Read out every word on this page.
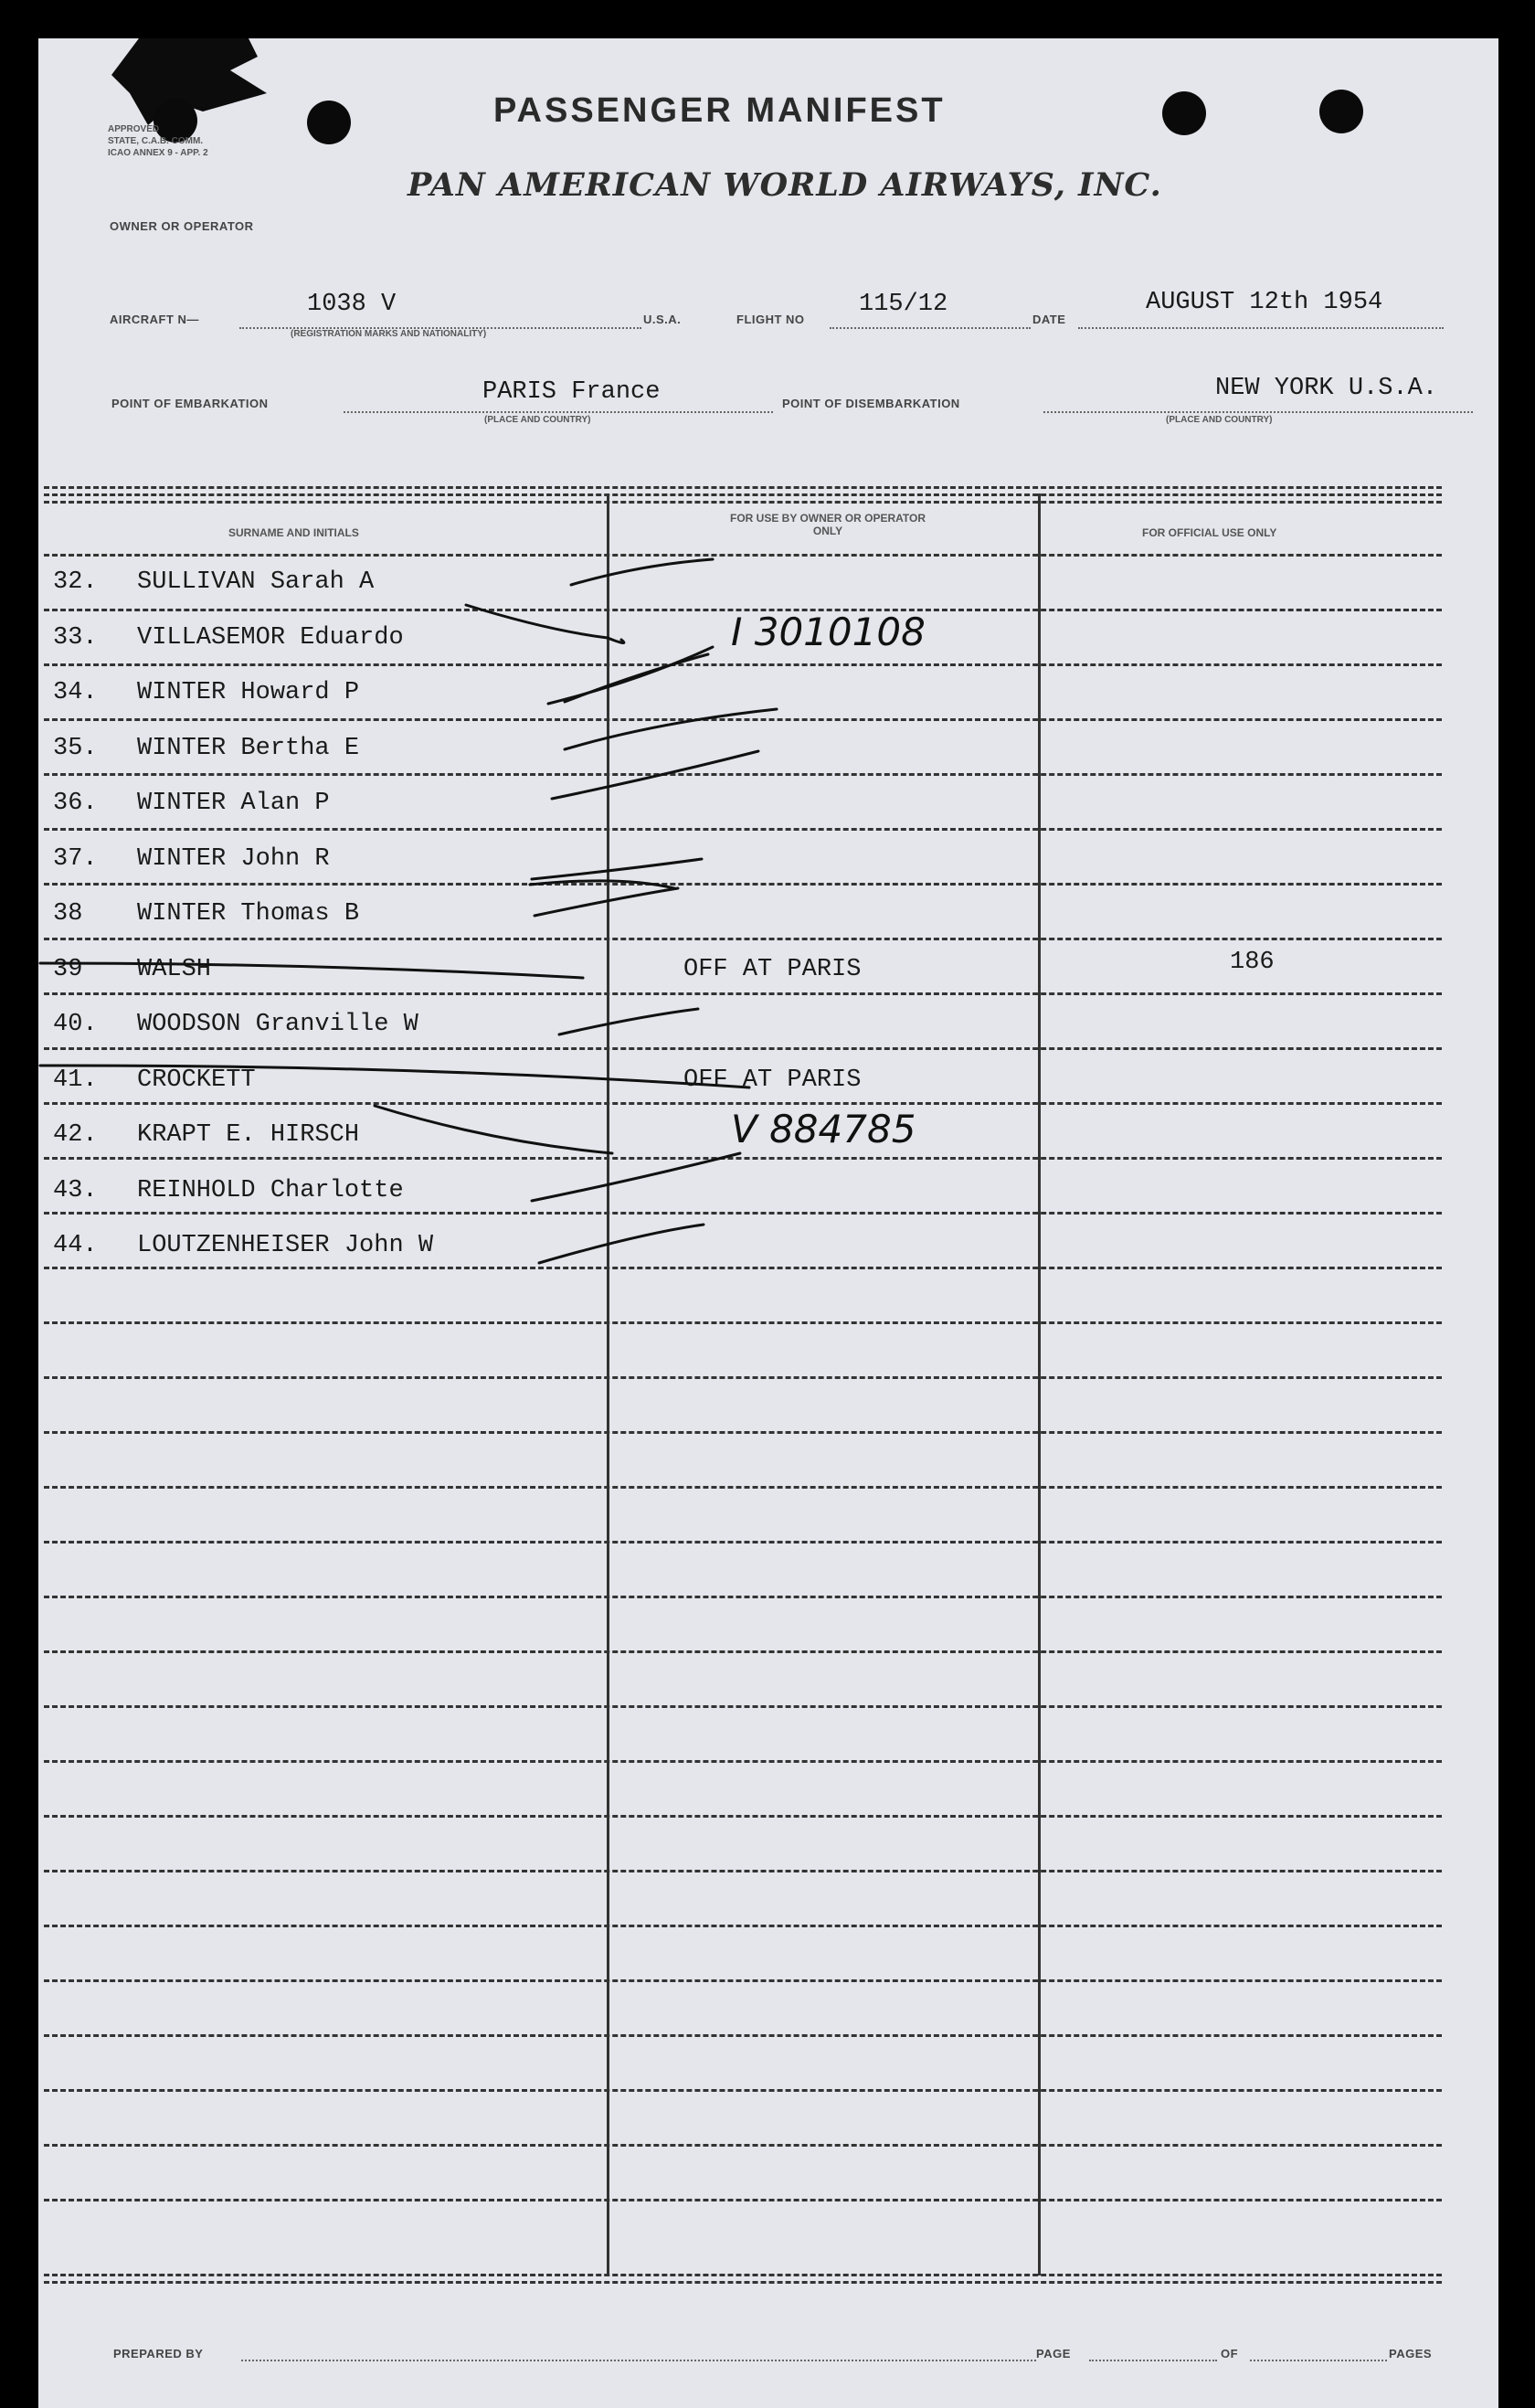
APPROVED
STATE, C.A.B. COMM.
ICAO ANNEX 9 - APP. 2
PASSENGER MANIFEST
OWNER OR OPERATOR
PAN AMERICAN WORLD AIRWAYS, INC.
AIRCRAFT N—
1038 V
(REGISTRATION MARKS AND NATIONALITY)
U.S.A.	FLIGHT NO
115/12
DATE
AUGUST 12th 1954
POINT OF EMBARKATION	PARIS France
(PLACE AND COUNTRY)
POINT OF DISEMBARKATION
NEW YORK U.S.A.
(PLACE AND COUNTRY)
SURNAME AND INITIALS
FOR USE BY OWNER OR OPERATOR ONLY	FOR OFFICIAL USE ONLY
32. SULLIVAN Sarah A
33. VILLASEMOR Eduardo	I 3010108
34. WINTER Howard P
35. WINTER Bertha E
36. WINTER Alan P
37. WINTER John R
38 WINTER Thomas B
39 WALSH	OFF AT PARIS	186
40. WOODSON Granville W
41. CROCKETT	OFF AT PARIS
42. KRAPT E. HIRSCH	V 884785
43. REINHOLD Charlotte
44. LOUTZENHEISER John W
PREPARED BY	PAGE	OF	PAGES
